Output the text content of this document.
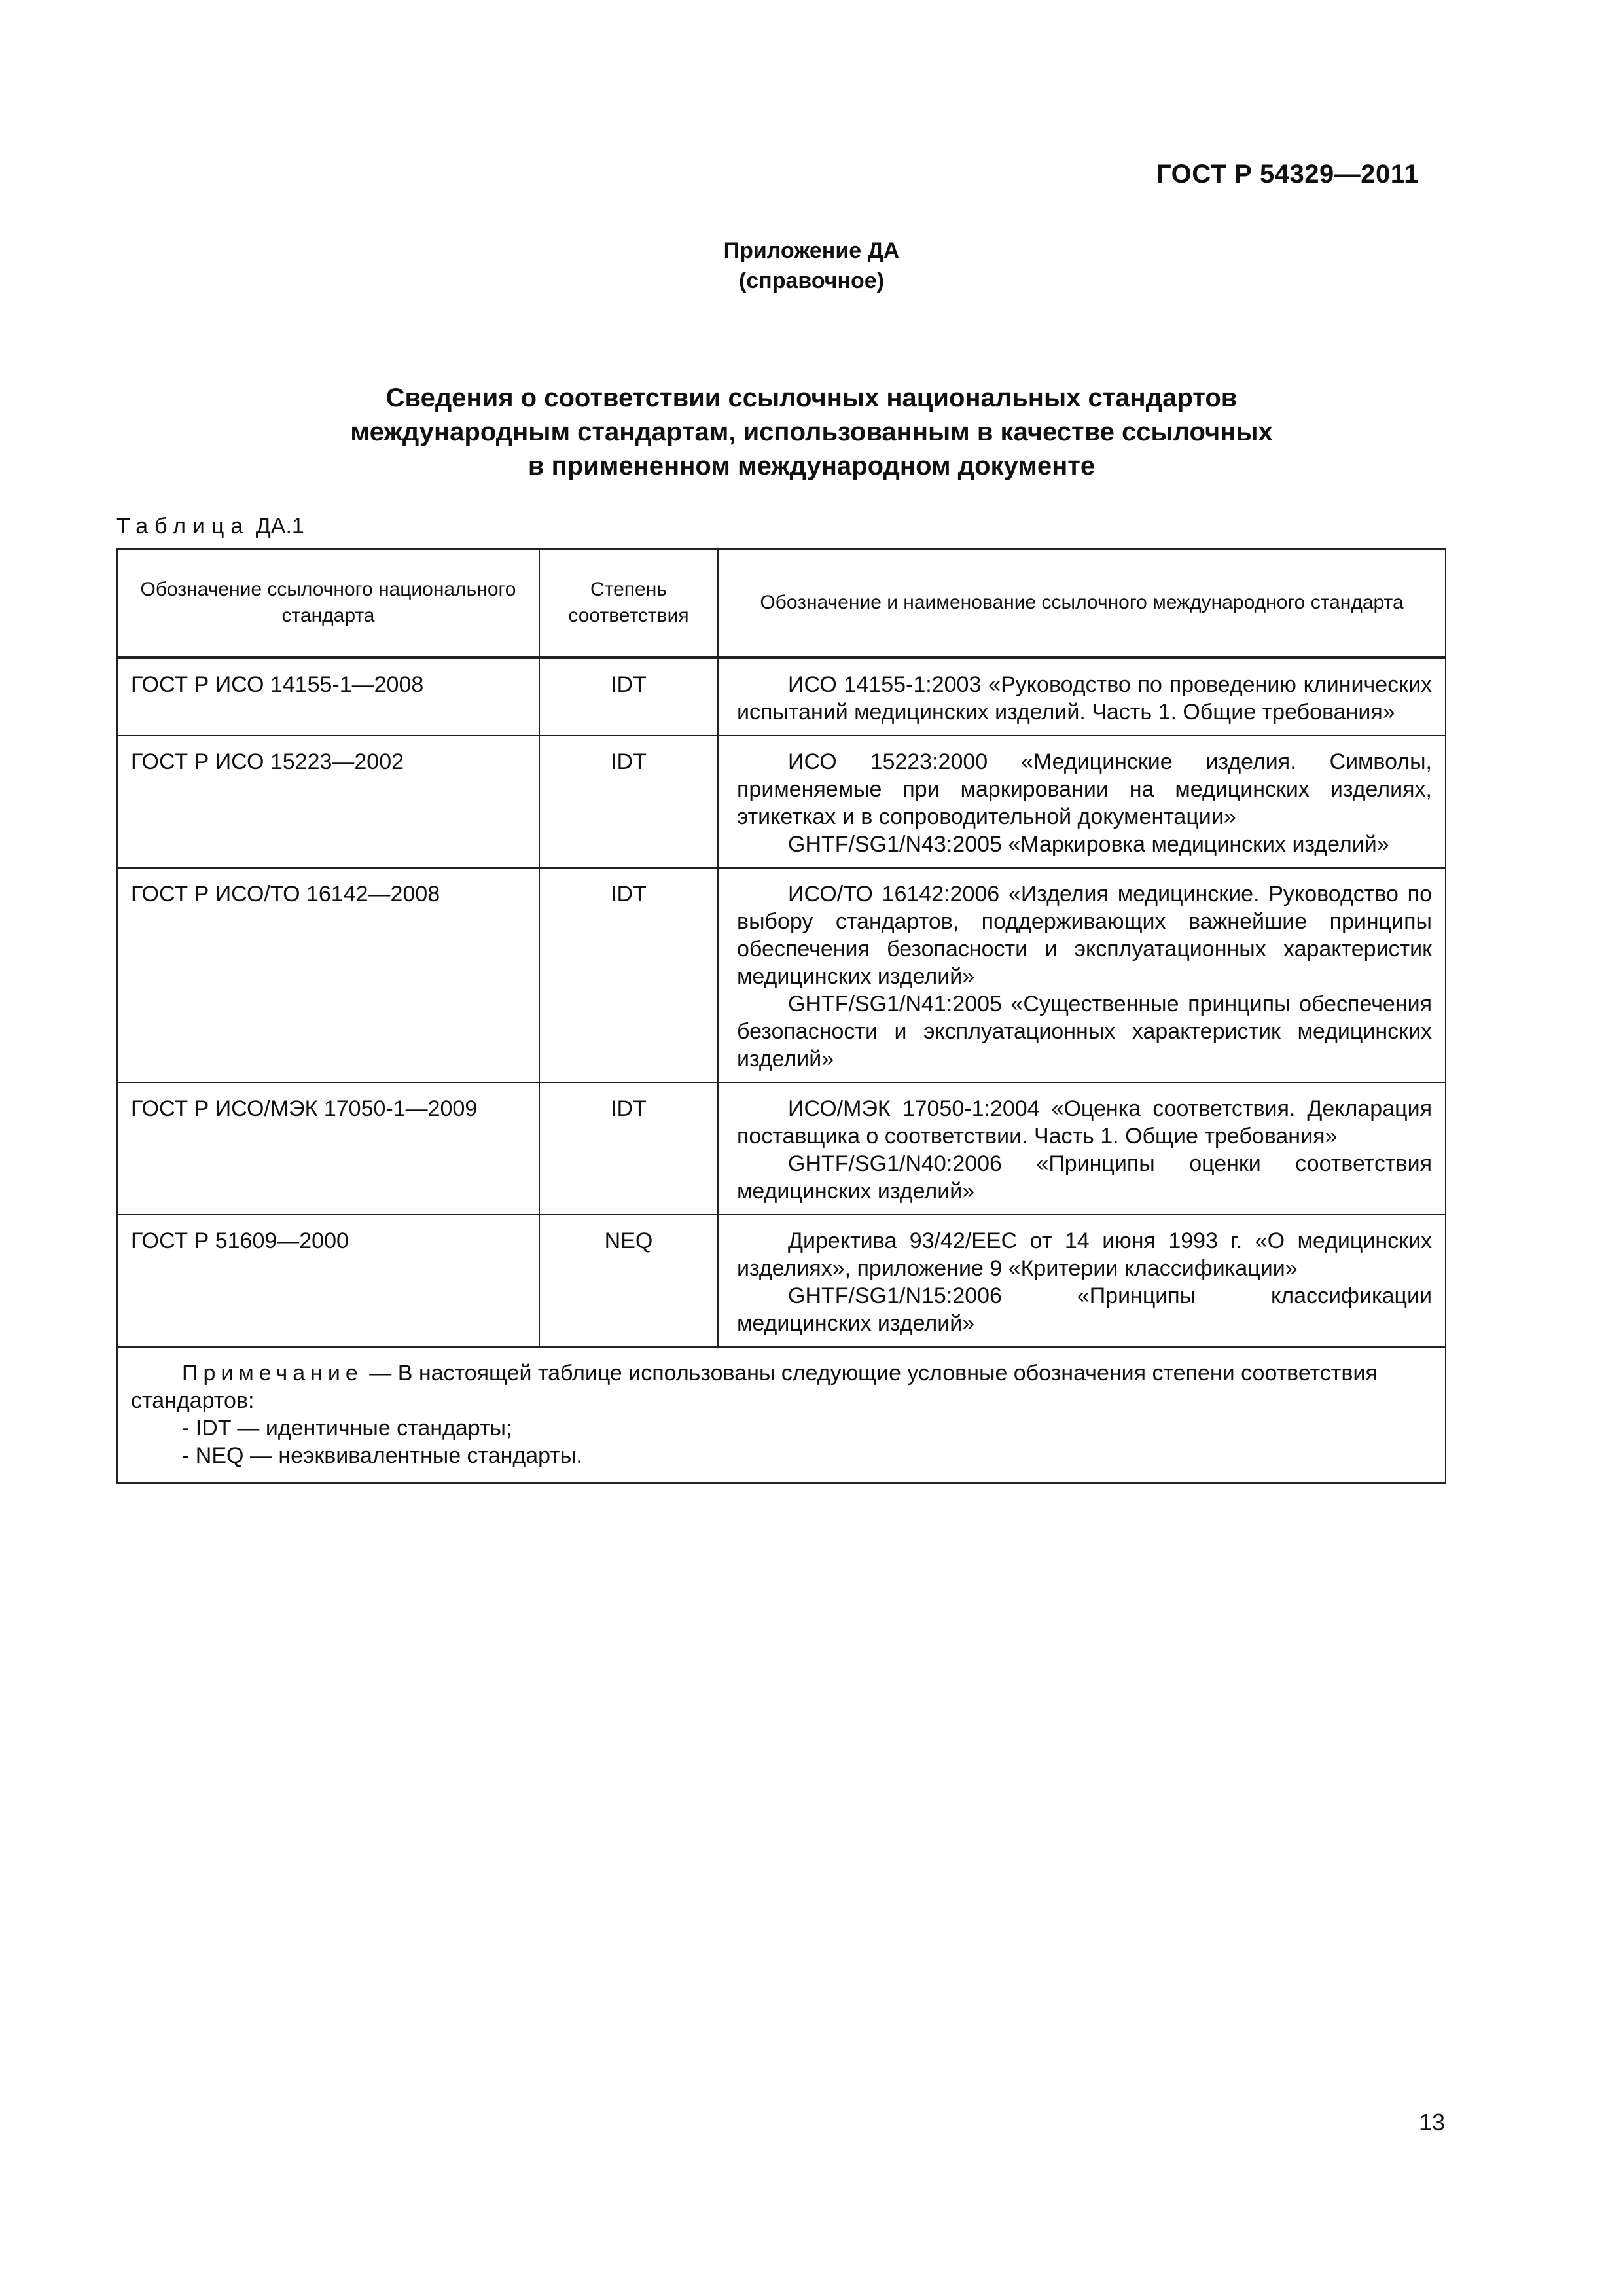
ГОСТ Р 54329—2011
Приложение ДА
(справочное)
Сведения о соответствии ссылочных национальных стандартов
международным стандартам, использованным в качестве ссылочных
в примененном международном документе
Таблица ДА.1
Обозначение ссылочного национального стандарта	Степень соответствия	Обозначение и наименование ссылочного международного стандарта
ГОСТ Р ИСО 14155-1—2008	IDT	ИСО 14155-1:2003 «Руководство по проведению клинических испытаний медицинских изделий. Часть 1. Общие требования»

ГОСТ Р ИСО 15223—2002	IDT	ИСО 15223:2000 «Медицинские изделия. Символы, применяемые при маркировании на медицинских изделиях, этикетках и в сопроводительной документации»

GHTF/SG1/N43:2005 «Маркировка медицинских изделий»

ГОСТ Р ИСО/ТО 16142—2008	IDT	ИСО/ТО 16142:2006 «Изделия медицинские. Руководство по выбору стандартов, поддерживающих важнейшие принципы обеспечения безопасности и эксплуатационных характеристик медицинских изделий»

GHTF/SG1/N41:2005 «Существенные принципы обеспечения безопасности и эксплуатационных характеристик медицинских изделий»

ГОСТ Р ИСО/МЭК 17050-1—2009	IDT	ИСО/МЭК 17050-1:2004 «Оценка соответствия. Декларация поставщика о соответствии. Часть 1. Общие требования»

GHTF/SG1/N40:2006 «Принципы оценки соответствия медицинских изделий»

ГОСТ Р 51609—2000	NEQ	Директива 93/42/EEC от 14 июня 1993 г. «О медицинских изделиях», приложение 9 «Критерии классификации»

GHTF/SG1/N15:2006 «Принципы классификации медицинских изделий»

Примечание — В настоящей таблице использованы следующие условные обозначения степени соответствия стандартов:

- IDT — идентичные стандарты;

- NEQ — неэквивалентные стандарты.		

13
